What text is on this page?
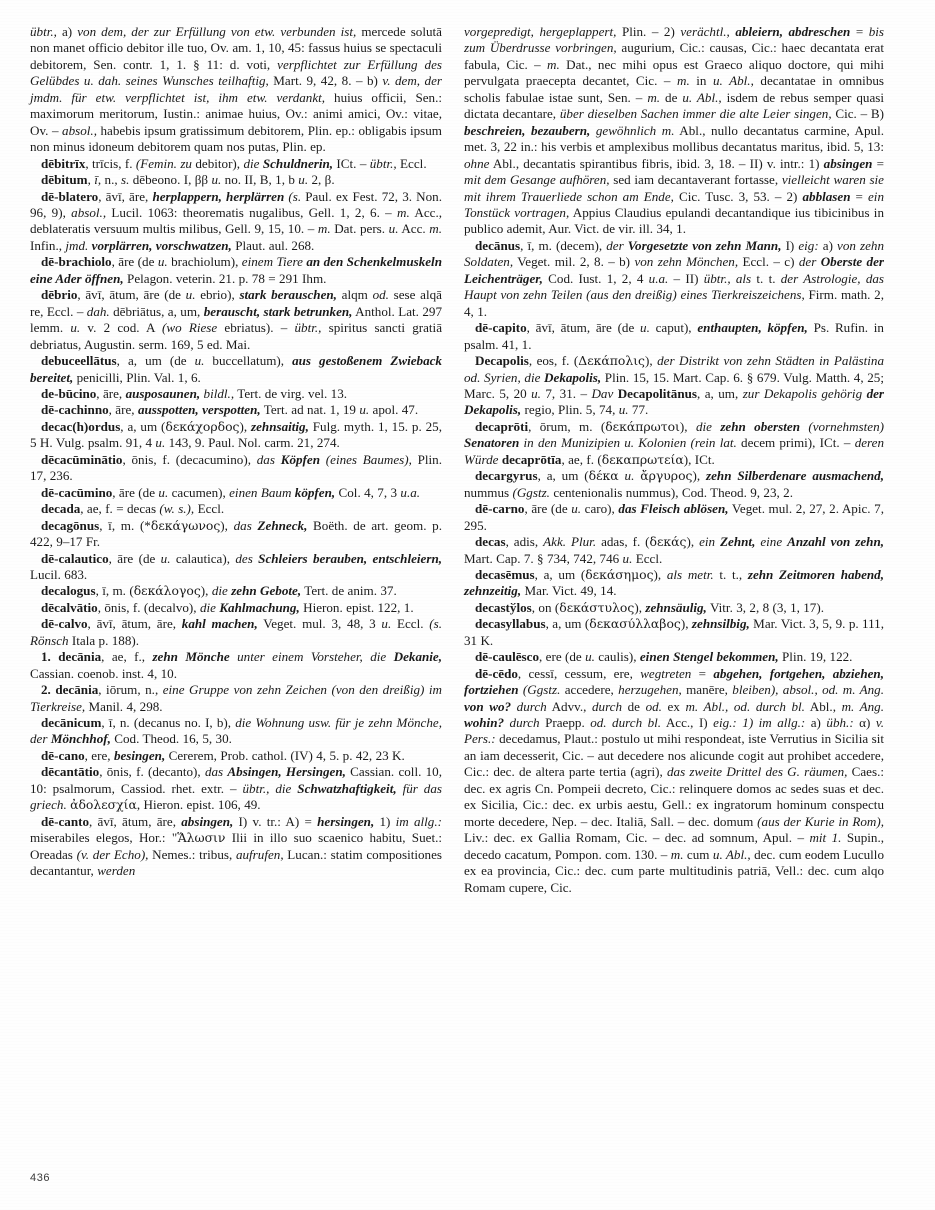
übtr., a) von dem, der zur Erfüllung von etw. verbunden ist, mercede solutā non manet officio debitor ille tuo, Ov. am. 1, 10, 45: fassus huius se spectaculi debitorem, Sen. contr. 1, 1. § 11: d. voti, verpflichtet zur Erfüllung des Gelübdes u. dah. seines Wunsches teilhaftig, Mart. 9, 42, 8. – b) v. dem, der jmdm. für etw. verpflichtet ist, ihm etw. verdankt, huius officii, Sen.: maximorum meritorum, Iustin.: animae huius, Ov.: animi amici, Ov.: vitae, Ov. – absol., habebis ipsum gratissimum debitorem, Plin. ep.: obligabis ipsum non minus idoneum debitorem quam nos putas, Plin. ep.

dēbitrīx, trīcis, f. (Femin. zu debitor), die Schuldnerin, ICt. – übtr., Eccl.

dēbitum, ī, n., s. dēbeono. I, ββ u. no. II, B, 1, b u. 2, β.

dē-blatero, āvī, āre, herplappern, herplärren (s. Paul. ex Fest. 72, 3. Non. 96, 9), absol., Lucil. 1063: theorematis nugalibus, Gell. 1, 2, 6. – m. Acc., deblateratis versuum multis milibus, Gell. 9, 15, 10. – m. Dat. pers. u. Acc. m. Infin., jmd. vorplärren, vorschwatzen, Plaut. aul. 268.

dē-brachiolo, āre (de u. brachiolum), einem Tiere an den Schenkelmuskeln eine Ader öffnen, Pelagon. veterin. 21. p. 78 = 291 Ihm.

dēbrio, āvī, ātum, āre (de u. ebrio), stark berauschen, alqm od. sese alqā re, Eccl. – dah. dēbriātus, a, um, berauscht, stark betrunken, Anthol. Lat. 297 lemm. u. v. 2 cod. A (wo Riese ebriatus). – übtr., spiritus sancti gratiā debriatus, Augustin. serm. 169, 5 ed. Mai.

debuceellātus, a, um (de u. buccellatum), aus gestoßenem Zwieback bereitet, penicilli, Plin. Val. 1, 6.

de-būcino, āre, ausposaunen, bildl., Tert. de virg. vel. 13.

dē-cachinno, āre, ausspotten, verspotten, Tert. ad nat. 1, 19 u. apol. 47.

decac(h)ordus, a, um (δεκάχορδος), zehnsaitig, Fulg. myth. 1, 15. p. 25, 5 H. Vulg. psalm. 91, 4 u. 143, 9. Paul. Nol. carm. 21, 274.

dēcacūminātio, ōnis, f. (decacumino), das Köpfen (eines Baumes), Plin. 17, 236.

dē-cacūmino, āre (de u. cacumen), einen Baum köpfen, Col. 4, 7, 3 u.a.

decada, ae, f. = decas (w. s.), Eccl.

decagōnus, ī, m. (*δεκάγωνος), das Zehneck, Boëth. de art. geom. p. 422, 9–17 Fr.

dē-calautico, āre (de u. calautica), des Schleiers berauben, entschleiern, Lucil. 683.

decalogus, ī, m. (δεκάλογος), die zehn Gebote, Tert. de anim. 37.

dēcalvātio, ōnis, f. (decalvo), die Kahlmachung, Hieron. epist. 122, 1.

dē-calvo, āvī, ātum, āre, kahl machen, Veget. mul. 3, 48, 3 u. Eccl. (s. Rönsch Itala p. 188).

1. decānia, ae, f., zehn Mönche unter einem Vorsteher, die Dekanie, Cassian. coenob. inst. 4, 10.

2. decānia, iōrum, n., eine Gruppe von zehn Zeichen (von den dreißig) im Tierkreise, Manil. 4, 298.

decānicum, ī, n. (decanus no. I, b), die Wohnung usw. für je zehn Mönche, der Mönchhof, Cod. Theod. 16, 5, 30.

dē-cano, ere, besingen, Cererem, Prob. cathol. (IV) 4, 5. p. 42, 23 K.

dēcantātio, ōnis, f. (decanto), das Absingen, Hersingen, Cassian. coll. 10, 10: psalmorum, Cassiod. rhet. extr. – übtr., die Schwatzhaftigkeit, für das griech. ἀδολεσχία, Hieron. epist. 106, 49.

dē-canto, āvī, ātum, āre, absingen, I) v. tr.: A) = hersingen, 1) im allg.: miserabiles elegos, Hor.: "Ἅλωσιν Ilii in illo suo scaenico habitu, Suet.: Oreadas (v. der Echo), Nemes.: tribus, aufrufen, Lucan.: statim compositiones decantantur, werden

vorgepredigt, hergeplappert, Plin. – 2) verächtl., ableiern, abdreschen = bis zum Überdrusse vorbringen, augurium, Cic.: causas, Cic.: haec decantata erat fabula, Cic. – m. Dat., nec mihi opus est Graeco aliquo doctore, qui mihi pervulgata praecepta decantet, Cic. – m. in u. Abl., decantatae in omnibus scholis fabulae istae sunt, Sen. – m. de u. Abl., isdem de rebus semper quasi dictata decantare, über dieselben Sachen immer die alte Leier singen, Cic. – B) beschreien, bezaubern, gewöhnlich m. Abl., nullo decantatus carmine, Apul. met. 3, 22 in.: his verbis et amplexibus mollibus decantatus maritus, ibid. 5, 13: ohne Abl., decantatis spirantibus fibris, ibid. 3, 18. – II) v. intr.: 1) absingen = mit dem Gesange aufhören, sed iam decantaverant fortasse, vielleicht waren sie mit ihrem Trauerliede schon am Ende, Cic. Tusc. 3, 53. – 2) abblasen = ein Tonstück vortragen, Appius Claudius epulandi decantandique ius tibicinibus in publico ademit, Aur. Vict. de vir. ill. 34, 1.

decānus, ī, m. (decem), der Vorgesetzte von zehn Mann, I) eig: a) von zehn Soldaten, Veget. mil. 2, 8. – b) von zehn Mönchen, Eccl. – c) der Oberste der Leichenträger, Cod. Iust. 1, 2, 4 u.a. – II) übtr., als t. t. der Astrologie, das Haupt von zehn Teilen (aus den dreißig) eines Tierkreiszeichens, Firm. math. 2, 4, 1.

dē-capito, āvī, ātum, āre (de u. caput), enthaupten, köpfen, Ps. Rufin. in psalm. 41, 1.

Decapolis, eos, f. (Δεκάπολις), der Distrikt von zehn Städten in Palästina od. Syrien, die Dekapolis, Plin. 15, 15. Mart. Cap. 6. § 679. Vulg. Matth. 4, 25; Marc. 5, 20 u. 7, 31. – Dav Decapolitānus, a, um, zur Dekapolis gehörig der Dekapolis, regio, Plin. 5, 74, u. 77.

decaprōti, ōrum, m. (δεκάπρωτοι), die zehn obersten (vornehmsten) Senatoren in den Munizipien u. Kolonien (rein lat. decem primi), ICt. – deren Würde decaprōtīa, ae, f. (δεκαπρωτεία), ICt.

decargyrus, a, um (δέκα u. ἄργυρος), zehn Silberdenare ausmachend, nummus (Ggstz. centenionalis nummus), Cod. Theod. 9, 23, 2.

dē-carno, āre (de u. caro), das Fleisch ablösen, Veget. mul. 2, 27, 2. Apic. 7, 295.

decas, adis, Akk. Plur. adas, f. (δεκάς), ein Zehnt, eine Anzahl von zehn, Mart. Cap. 7. § 734, 742, 746 u. Eccl.

decasēmus, a, um (δεκάσημος), als metr. t. t., zehn Zeitmoren habend, zehnzeitig, Mar. Vict. 49, 14.

decastўlos, on (δεκάστυλος), zehnsäulig, Vitr. 3, 2, 8 (3, 1, 17).

decasyllabus, a, um (δεκασύλλαβος), zehnsilbig, Mar. Vict. 3, 5, 9. p. 111, 31 K.

dē-caulēsco, ere (de u. caulis), einen Stengel bekommen, Plin. 19, 122.

dē-cēdo, cessī, cessum, ere, wegtreten = abgehen, fortgehen, abziehen, fortziehen (Ggstz. accedere, herzugehen, manēre, bleiben), absol., od. m. Ang. von wo? durch Advv., durch de od. ex m. Abl., od. durch bl. Abl., m. Ang. wohin? durch Praepp. od. durch bl. Acc., I) eig.: 1) im allg.: a) übh.: α) v. Pers.: decedamus, Plaut.: postulo ut mihi respondeat, iste Verrutius in Sicilia sit an iam decesserit, Cic. – aut decedere nos alicunde cogit aut prohibet accedere, Cic.: dec. de altera parte tertia (agri), das zweite Drittel des G. räumen, Caes.: dec. ex agris Cn. Pompeii decreto, Cic.: relinquere domos ac sedes suas et dec. ex Sicilia, Cic.: dec. ex urbis aestu, Gell.: ex ingratorum hominum conspectu morte decedere, Nep. – dec. Italiā, Sall. – dec. domum (aus der Kurie in Rom), Liv.: dec. ex Gallia Romam, Cic. – dec. ad somnum, Apul. – mit 1. Supin., decedo cacatum, Pompon. com. 130. – m. cum u. Abl., dec. cum eodem Lucullo ex ea provincia, Cic.: dec. cum parte multitudinis patriā, Vell.: dec. cum alqo Romam cupere, Cic.

436
